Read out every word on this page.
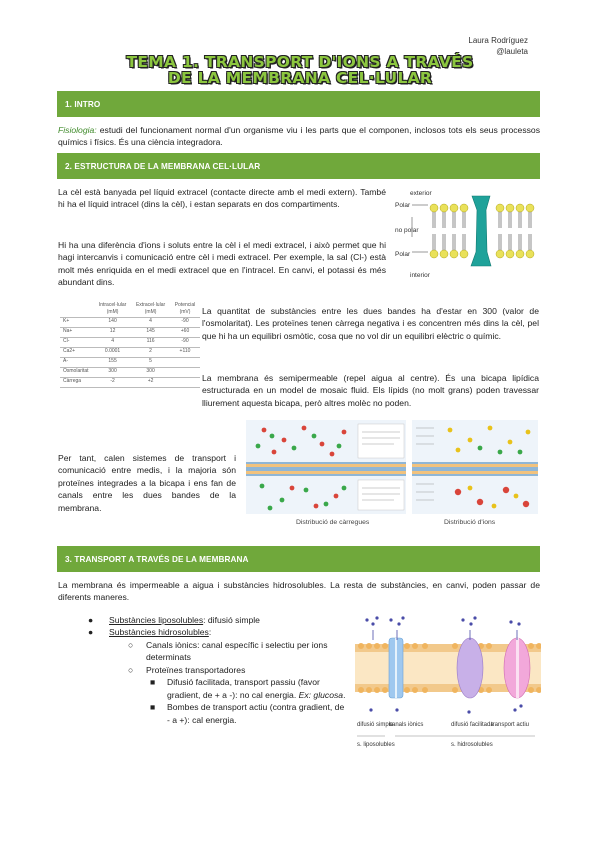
Laura Rodríguez
@lauleta
TEMA 1. TRANSPORT D'IONS A TRAVÉS
DE LA MEMBRANA CEL·LULAR
1. INTRO
Fisiologia: estudi del funcionament normal d'un organisme viu i les parts que el componen, inclosos tots els seus processos químics i físics. És una ciència integradora.
2. ESTRUCTURA DE LA MEMBRANA CEL·LULAR
La cèl està banyada pel líquid extracel (contacte directe amb el medi extern). També hi ha el líquid intracel (dins la cèl), i estan separats en dos compartiments.
Hi ha una diferència d'ions i soluts entre la cèl i el medi extracel, i això permet que hi hagi intercanvis i comunicació entre cèl i medi extracel. Per exemple, la sal (Cl-) està molt més enriquida en el medi extracel que en l'intracel. En canvi, el potassi és més abundant dins.
exterior
Polar
no polar
Polar
interior
	Intracel·lular (mM)	Extracel·lular (mM)	Potencial (mV)
K+	140	4	-90
Na+	12	145	+60
Cl-	4	116	-90
Ca2+	0.0001	2	+110
A-	155	5	
Osmolaritat	300	300	
Càrrega	-2	+2	
La quantitat de substàncies entre les dues bandes ha d'estar en 300 (valor de l'osmolaritat). Les proteïnes tenen càrrega negativa i es concentren més dins la cèl, pel que hi ha un equilibri osmòtic, cosa que no vol dir un equilibri elèctric o químic.
La membrana és semipermeable (repel aigua al centre). És una bicapa lipídica estructurada en un model de mosaic fluid. Els lípids (no molt grans) poden travessar lliurement aquesta bicapa, però altres molèc no poden.
Per tant, calen sistemes de transport i comunicació entre medis, i la majoria són proteïnes integrades a la bicapa i ens fan de canals entre les dues bandes de la membrana.
Distribució de càrregues	Distribució d'ions
3. TRANSPORT A TRAVÉS DE LA MEMBRANA
La membrana és impermeable a aigua i substàncies hidrosolubles. La resta de substàncies, en canvi, poden passar de diferents maneres.
● Substàncies liposolubles: difusió simple
● Substàncies hidrosolubles:
○ Canals iònics: canal específic i selectiu per ions determinats
○ Proteïnes transportadores
■ Difusió facilitada, transport passiu (favor gradient, de + a -): no cal energia. Ex: glucosa.
■ Bombes de transport actiu (contra gradient, de - a +): cal energia.
difusió simple
canals iònics	difusió facilitada
transport actiu
s. liposolubles	s. hidrosolubles
